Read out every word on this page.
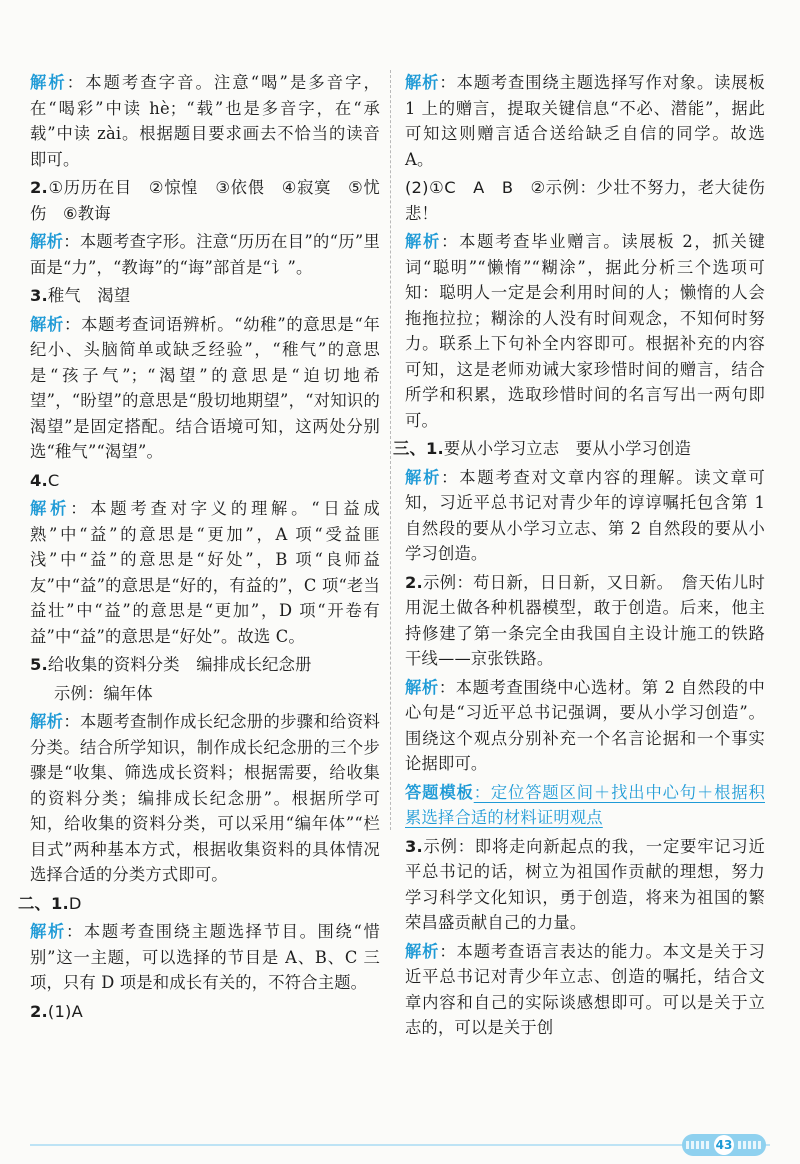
解析：本题考查字音。注意“喝”是多音字，在“喝彩”中读 hè；“载”也是多音字，在“承载”中读 zài。根据题目要求画去不恰当的读音即可。

2.①历历在目　②惊惶　③依偎　④寂寞　⑤忧伤　⑥教诲

解析：本题考查字形。注意“历历在目”的“历”里面是“力”，“教诲”的“诲”部首是“讠”。

3.稚气　渴望

解析：本题考查词语辨析。“幼稚”的意思是“年纪小、头脑简单或缺乏经验”，“稚气”的意思是“孩子气”；“渴望”的意思是“迫切地希望”，“盼望”的意思是“殷切地期望”，“对知识的渴望”是固定搭配。结合语境可知，这两处分别选“稚气”“渴望”。

4.C

解析：本题考查对字义的理解。“日益成熟”中“益”的意思是“更加”，A 项“受益匪浅”中“益”的意思是“好处”，B 项“良师益友”中“益”的意思是“好的，有益的”，C 项“老当益壮”中“益”的意思是“更加”，D 项“开卷有益”中“益”的意思是“好处”。故选 C。

5.给收集的资料分类　编排成长纪念册

示例：编年体

解析：本题考查制作成长纪念册的步骤和给资料分类。结合所学知识，制作成长纪念册的三个步骤是“收集、筛选成长资料；根据需要，给收集的资料分类；编排成长纪念册”。根据所学可知，给收集的资料分类，可以采用“编年体”“栏目式”两种基本方式，根据收集资料的具体情况选择合适的分类方式即可。

二、1.D

解析：本题考查围绕主题选择节目。围绕“惜别”这一主题，可以选择的节目是 A、B、C 三项，只有 D 项是和成长有关的，不符合主题。

2.(1)A

解析：本题考查围绕主题选择写作对象。读展板 1 上的赠言，提取关键信息“不必、潜能”，据此可知这则赠言适合送给缺乏自信的同学。故选 A。

(2)①C　A　B　②示例：少壮不努力，老大徒伤悲！

解析：本题考查毕业赠言。读展板 2，抓关键词“聪明”“懒惰”“糊涂”，据此分析三个选项可知：聪明人一定是会利用时间的人；懒惰的人会拖拖拉拉；糊涂的人没有时间观念，不知何时努力。联系上下句补全内容即可。根据补充的内容可知，这是老师劝诫大家珍惜时间的赠言，结合所学和积累，选取珍惜时间的名言写出一两句即可。

三、1.要从小学习立志　要从小学习创造

解析：本题考查对文章内容的理解。读文章可知，习近平总书记对青少年的谆谆嘱托包含第 1 自然段的要从小学习立志、第 2 自然段的要从小学习创造。

2.示例：苟日新，日日新，又日新。　詹天佑儿时用泥土做各种机器模型，敢于创造。后来，他主持修建了第一条完全由我国自主设计施工的铁路干线——京张铁路。

解析：本题考查围绕中心选材。第 2 自然段的中心句是“习近平总书记强调，要从小学习创造”。围绕这个观点分别补充一个名言论据和一个事实论据即可。

答题模板：定位答题区间＋找出中心句＋根据积累选择合适的材料证明观点

3.示例：即将走向新起点的我，一定要牢记习近平总书记的话，树立为祖国作贡献的理想，努力学习科学文化知识，勇于创造，将来为祖国的繁荣昌盛贡献自己的力量。

解析：本题考查语言表达的能力。本文是关于习近平总书记对青少年立志、创造的嘱托，结合文章内容和自己的实际谈感想即可。可以是关于立志的，可以是关于创

43
